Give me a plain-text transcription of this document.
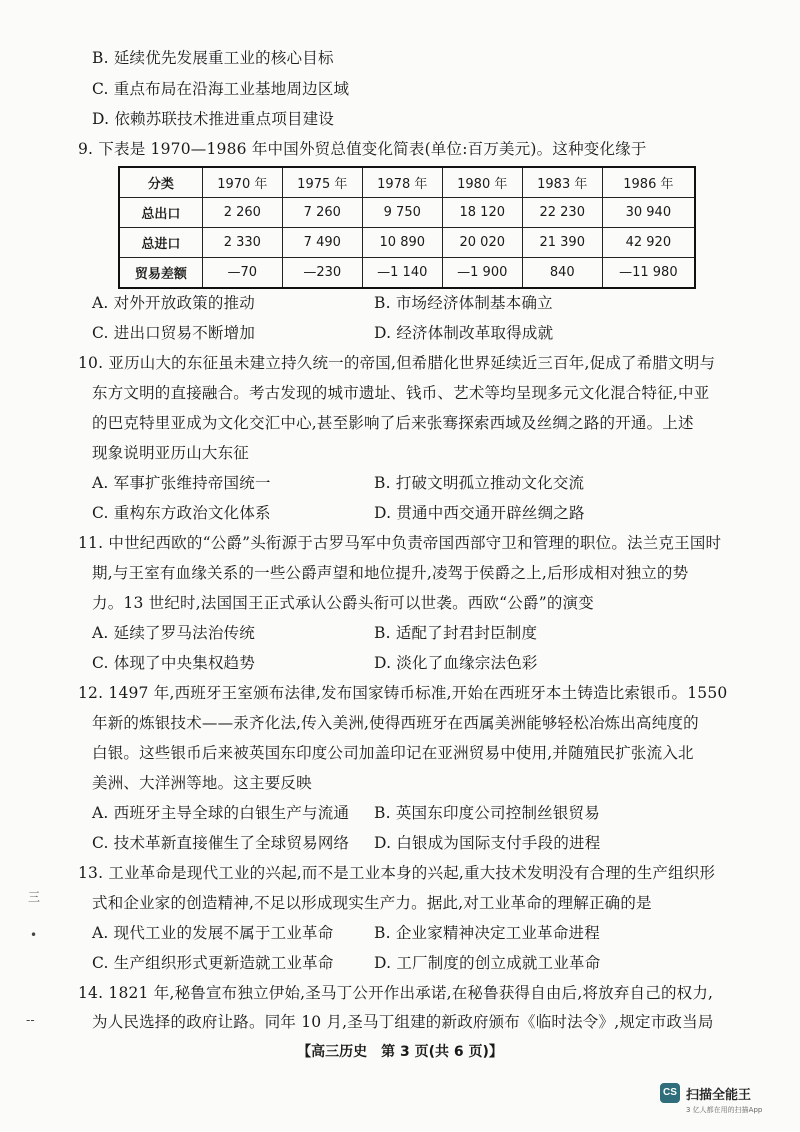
B. 延续优先发展重工业的核心目标
C. 重点布局在沿海工业基地周边区域
D. 依赖苏联技术推进重点项目建设
9. 下表是 1970—1986 年中国外贸总值变化简表(单位:百万美元)。这种变化缘于
分类	1970 年	1975 年	1978 年	1980 年	1983 年	1986 年
总出口	2 260	7 260	9 750	18 120	22 230	30 940
总进口	2 330	7 490	10 890	20 020	21 390	42 920
贸易差额	—70	—230	—1 140	—1 900	840	—11 980
A. 对外开放政策的推动	B. 市场经济体制基本确立
C. 进出口贸易不断增加	D. 经济体制改革取得成就
10. 亚历山大的东征虽未建立持久统一的帝国,但希腊化世界延续近三百年,促成了希腊文明与
东方文明的直接融合。考古发现的城市遗址、钱币、艺术等均呈现多元文化混合特征,中亚
的巴克特里亚成为文化交汇中心,甚至影响了后来张骞探索西域及丝绸之路的开通。上述
现象说明亚历山大东征
A. 军事扩张维持帝国统一	B. 打破文明孤立推动文化交流
C. 重构东方政治文化体系	D. 贯通中西交通开辟丝绸之路
11. 中世纪西欧的“公爵”头衔源于古罗马军中负责帝国西部守卫和管理的职位。法兰克王国时
期,与王室有血缘关系的一些公爵声望和地位提升,凌驾于侯爵之上,后形成相对独立的势
力。13 世纪时,法国国王正式承认公爵头衔可以世袭。西欧“公爵”的演变
A. 延续了罗马法治传统	B. 适配了封君封臣制度
C. 体现了中央集权趋势	D. 淡化了血缘宗法色彩
12. 1497 年,西班牙王室颁布法律,发布国家铸币标准,开始在西班牙本土铸造比索银币。1550
年新的炼银技术——汞齐化法,传入美洲,使得西班牙在西属美洲能够轻松冶炼出高纯度的
白银。这些银币后来被英国东印度公司加盖印记在亚洲贸易中使用,并随殖民扩张流入北
美洲、大洋洲等地。这主要反映
A. 西班牙主导全球的白银生产与流通 B. 英国东印度公司控制丝银贸易
C. 技术革新直接催生了全球贸易网络 D. 白银成为国际支付手段的进程
13. 工业革命是现代工业的兴起,而不是工业本身的兴起,重大技术发明没有合理的生产组织形
式和企业家的创造精神,不足以形成现实生产力。据此,对工业革命的理解正确的是
A. 现代工业的发展不属于工业革命	B. 企业家精神决定工业革命进程
C. 生产组织形式更新造就工业革命	D. 工厂制度的创立成就工业革命
14. 1821 年,秘鲁宣布独立伊始,圣马丁公开作出承诺,在秘鲁获得自由后,将放弃自己的权力,
【高三历史　第 3 页(共 6 页)】
为人民选择的政府让路。同年 10 月,圣马丁组建的新政府颁布《临时法令》,规定市政当局
三
•
--
CS 扫描全能王
3 亿人都在用的扫描App
